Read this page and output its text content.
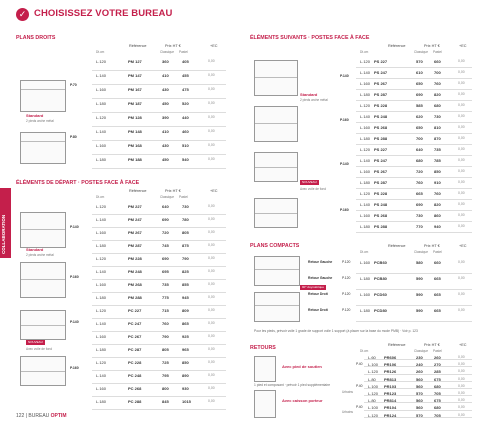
✓ CHOISISSEZ VOTRE BUREAU
COLLABORATION
PLANS DROITS
Référence	Prix HT €	+EC
Dt.cm	Classique Pastel
P.70
P.80
Standard
2 pieds arche métal
L.120	PM 127	360	405	0,00
L.140	PM 147	410	455	0,00
L.160	PM 167	430	475	0,00
L.180	PM 187	450	520	0,00
L.120	PM 128	390	440	0,00
L.140	PM 148	410	460	0,00
L.160	PM 168	430	510	0,00
L.180	PM 188	450	540	0,00
ÉLÉMENTS DE DÉPART · POSTES FACE À FACE
Référence	Prix HT €	+EC
Dt.cm	Classique Pastel
P.140
Standard
2 pieds arche métal
P.160
P.140
NOUVEAU
Avec voile de fond
P.160
L.120	PM 227	640	730	0,00
L.140	PM 247	690	780	0,00
L.160	PM 267	720	805	0,00
L.180	PM 287	745	875	0,00
L.120	PM 228	690	790	0,00
L.140	PM 248	695	825	0,00
L.160	PM 268	735	855	0,00
L.180	PM 288	775	945	0,00
L.120	PC 227	715	809	0,00
L.140	PC 247	760	865	0,00
L.160	PC 267	790	925	0,00
L.180	PC 287	805	965	0,00
L.120	PC 228	725	850	0,00
L.140	PC 248	795	890	0,00
L.160	PC 268	800	930	0,00
L.180	PC 288	845	1015	0,00
ÉLÉMENTS SUIVANTS · POSTES FACE À FACE
Référence	Prix HT €	+EC
Dt.cm	Classique Pastel
P.140
Standard
2 pieds arche métal
P.160
P.140
NOUVEAU
Avec voile de fond
P.160
L.120 PS 227	570	660	0,00
L.140 PS 247	610	700	0,00
L.160 PS 267	650	760	0,00
L.180 PS 287	690	820	0,00
L.120 PS 228	585	680	0,00
L.140 PS 248	620	730	0,00
L.160 PS 268	650	810	0,00
L.180 PS 288	700	870	0,00
L.120 PS 227	640	735	0,00
L.140 PS 247	680	785	0,00
L.160 PS 267	720	850	0,00
L.180 PS 287	760	910	0,00
L.120 PS 228	665	760	0,00
L.140 PS 248	690	820	0,00
L.160 PS 268	730	860	0,00
L.180 PS 288	770	940	0,00
PLANS COMPACTS	Référence	Prix HT €	+EC
Dt.cm	Classique Pastel
90° Asymétrique
L.160 PCB60	580	660	0,00
Retour Gauche	P.120
L.180 PCB80	590	665	0,00
Retour Gauche	P.120
L.160 PCD60	590	665	0,00
Retour Droit	P.120
L.180 PCD80	590	665	0,00
Retour Droit	P.120
Pour les pieds, prévoir voile 1 grade de support voile 1 support (à placer sur la base du mode PMB) · Voir p. 123
RETOURS	Référence	Prix HT €	+EC
Dt.cm	Classique Pastel
Avec pied de soutien
1 pied et composant · prévoir 1 pied supplémentaire
Avec caisson porteur
Urbains
Urbains
L.60 PR606	230	260	0,00
L.100 PR106	240	270	0,00
P.40
L.120 PR126	260	285	0,00
L.80 PR813	560	675	0,00
L.100 PR103	560	680	0,00
P.40
L.120 PR123	570	705	0,00
L.80 PR814	560	675	0,00
L.100 PR104	560	680	0,00
P.40
L.120 PR124	570	705	0,00
122 | BUREAU OPTIM
